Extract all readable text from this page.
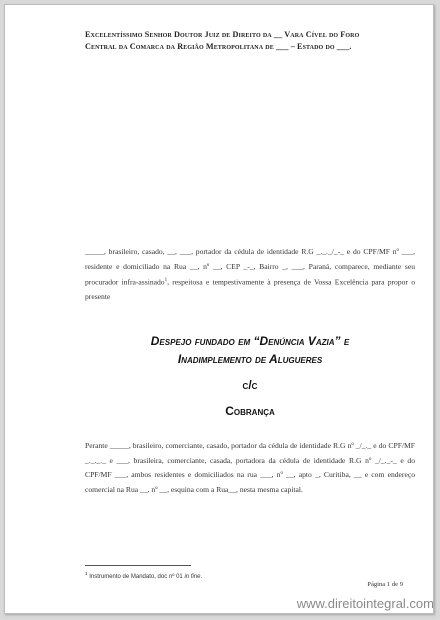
Excelentíssimo Senhor Doutor Juiz de Direito da __ Vara Cível do Foro
Central da Comarca da Região Metropolitana de ___ – Estado do ___.
_____, brasileiro, casado, __, ___, portador da cédula de identidade R.G _._._/_-_ e do CPF/MF nº ___, residente e domiciliado na Rua __, nº __, CEP _-_, Bairro _, ___, Paraná, comparece, mediante seu procurador infra-assinado$^1$, respeitosa e tempestivamente à presença de Vossa Excelência para propor o presente
Despejo fundado em “Denúncia Vazia” e
Inadimplemento de Alugueres
c/c
Cobrança
Perante _____, brasileiro, comerciante, casado, portador da cédula de identidade R.G nº _/_._ e do CPF/MF _._._._ e ___, brasileira, comerciante, casada, portadora da cédula de identidade R.G nº _/_._-_ e do CPF/MF ___, ambos residentes e domiciliados na rua ___, nº __, apto _, Curitiba, __ e com endereço comercial na Rua __, nº __, esquina com a Rua__, nesta mesma capital.
$^1$ Instrumento de Mandato, doc nº 01 in fine.
Página 1 de 9
www.direitointegral.com
